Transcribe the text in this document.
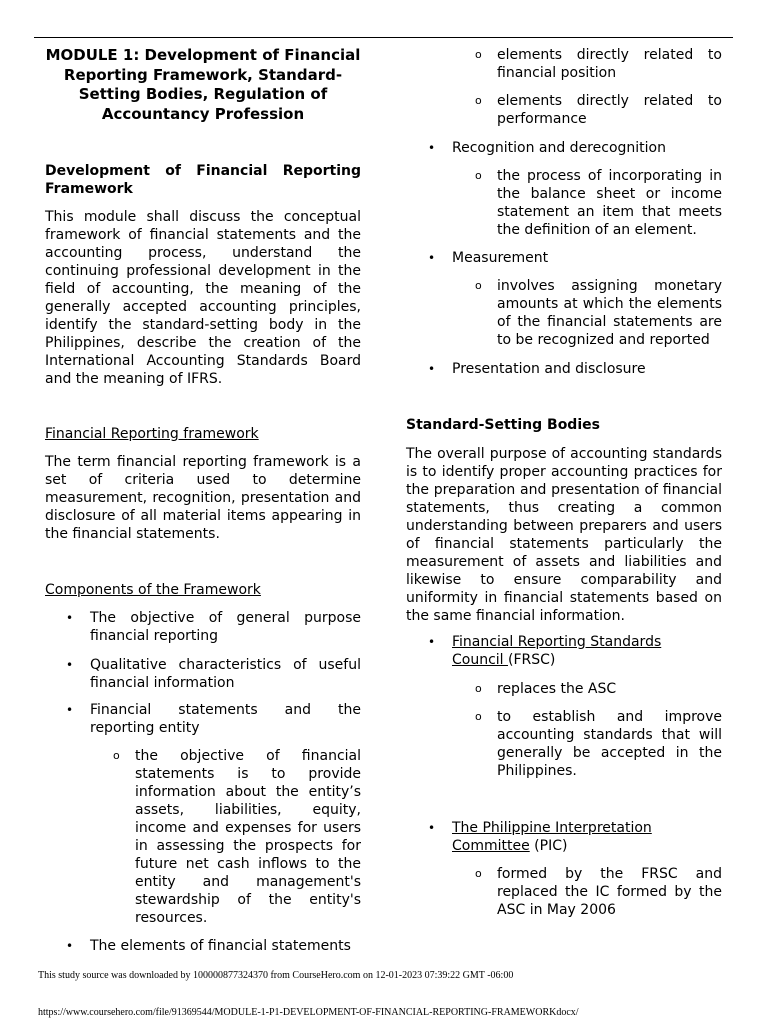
MODULE 1: Development of Financial Reporting Framework, Standard-Setting Bodies, Regulation of Accountancy Profession

Development of Financial Reporting Framework

This module shall discuss the conceptual framework of financial statements and the accounting process, understand the continuing professional development in the field of accounting, the meaning of the generally accepted accounting principles, identify the standard-setting body in the Philippines, describe the creation of the International Accounting Standards Board and the meaning of IFRS.

Financial Reporting framework

The term financial reporting framework is a set of criteria used to determine measurement, recognition, presentation and disclosure of all material items appearing in the financial statements.

Components of the Framework

• The objective of general purpose financial reporting
• Qualitative characteristics of useful financial information
• Financial statements and the reporting entity
o the objective of financial statements is to provide information about the entity’s assets, liabilities, equity, income and expenses for users in assessing the prospects for future net cash inflows to the entity and management's stewardship of the entity's resources.
• The elements of financial statements
o elements directly related to financial position
o elements directly related to performance
• Recognition and derecognition
o the process of incorporating in the balance sheet or income statement an item that meets the definition of an element.
• Measurement
o involves assigning monetary amounts at which the elements of the financial statements are to be recognized and reported
• Presentation and disclosure

Standard-Setting Bodies

The overall purpose of accounting standards is to identify proper accounting practices for the preparation and presentation of financial statements, thus creating a common understanding between preparers and users of financial statements particularly the measurement of assets and liabilities and likewise to ensure comparability and uniformity in financial statements based on the same financial information.

• Financial Reporting Standards Council (FRSC)
o replaces the ASC
o to establish and improve accounting standards that will generally be accepted in the Philippines.
• The Philippine Interpretation Committee (PIC)
o formed by the FRSC and replaced the IC formed by the ASC in May 2006
This study source was downloaded by 100000877324370 from CourseHero.com on 12-01-2023 07:39:22 GMT -06:00
https://www.coursehero.com/file/91369544/MODULE-1-P1-DEVELOPMENT-OF-FINANCIAL-REPORTING-FRAMEWORKdocx/
